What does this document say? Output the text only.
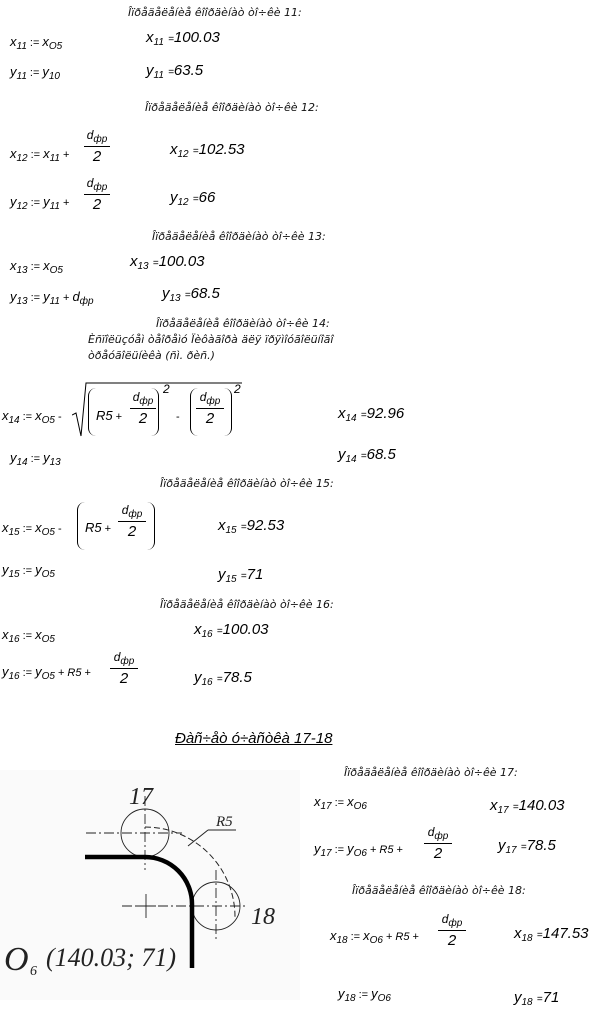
Îïðåäåëåíèå êîîðäèíàò òî÷êè 11:
$x_{11}$ := $x_{O5}$
$x_{11} =100.03$
$y_{11}$ := $y_{10}$	$y_{11} =63.5$
Îïðåäåëåíèå êîîðäèíàò òî÷êè 12:
$x_{12}$ := $x_{11}$ +
$d_{фр}$
2	$x_{12} =102.53$
$y_{12}$ := $y_{11}$ +
$d_{фр}$
2	$y_{12} =66$
Îïðåäåëåíèå êîîðäèíàò òî÷êè 13:
$x_{13}$ := $x_{O5}$
$x_{13} =100.03$
$y_{13}$ := $y_{11} + d_{фр}$	$y_{13} =68.5$
Îïðåäåëåíèå êîîðäèíàò òî÷êè 14:
Èñïîëüçóåì òåîðåìó Ïèôàãîðà äëÿ ïðÿìîóãîëüíîãî
òðåóãîëüíèêà (ñì. ðèñ.)
$x_{14}$ := $x_{O5}$ -	R5 +
$d_{фр}$
2
2
-
$d_{фр}$
2
2
$x_{14} =92.96$
$y_{14}$ := $y_{13}$	$y_{14} =68.5$
Îïðåäåëåíèå êîîðäèíàò òî÷êè 15:
$x_{15}$ := $x_{O5} - R5$ +
$d_{фр}$
2	$x_{15} =92.53$
$y_{15}$ := $y_{O5}$	$y_{15} =71$
Îïðåäåëåíèå êîîðäèíàò òî÷êè 16:
$x_{16}$ := $x_{O5}$
$x_{16} =100.03$
$y_{16}$ := $y_{O5} + R5$ +
$d_{фр}$
2	$y_{16} =78.5$
Ðàñ÷åò ó÷àñòêà 17-18
Îïðåäåëåíèå êîîðäèíàò òî÷êè 17:
$x_{17}$ := $x_{O6}$	$x_{17} =140.03$
$y_{17}$ := $y_{O6} + R5$ +
$d_{фр}$
2	$y_{17} =78.5$
Îïðåäåëåíèå êîîðäèíàò òî÷êè 18:
$x_{18}$ := $x_{O6} + R5$ +
$d_{фр}$
2	$x_{18} =147.53$
$y_{18}$ := $y_{O6}$	$y_{18} =71$
17
18
R5
O 6 (140.03; 71)
